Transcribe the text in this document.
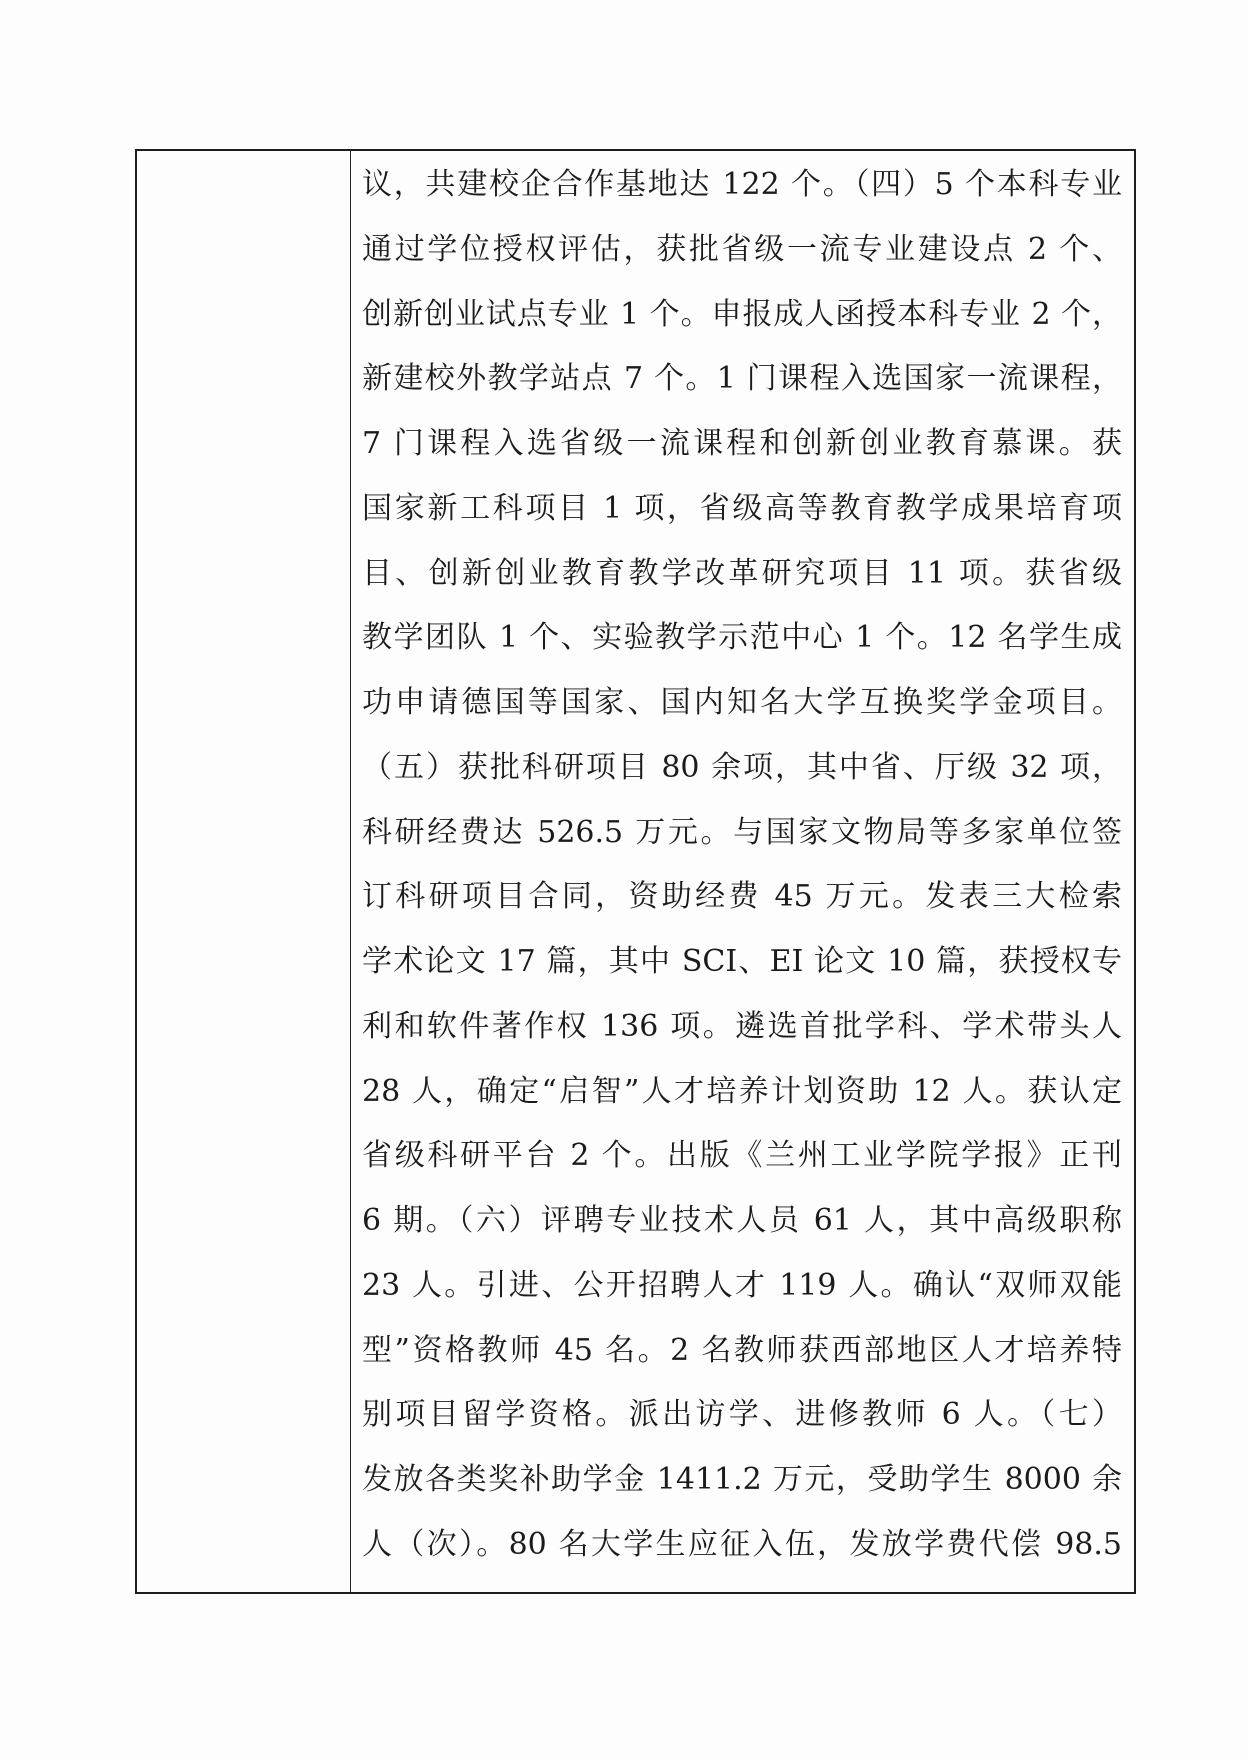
议，共建校企合作基地达 122 个。（四）5 个本科专业
通过学位授权评估，获批省级一流专业建设点 2 个、
创新创业试点专业 1 个。申报成人函授本科专业 2 个，
新建校外教学站点 7 个。1 门课程入选国家一流课程，
7 门课程入选省级一流课程和创新创业教育慕课。获
国家新工科项目 1 项，省级高等教育教学成果培育项
目、创新创业教育教学改革研究项目 11 项。获省级
教学团队 1 个、实验教学示范中心 1 个。12 名学生成
功申请德国等国家、国内知名大学互换奖学金项目。
（五）获批科研项目 80 余项，其中省、厅级 32 项，
科研经费达 526.5 万元。与国家文物局等多家单位签
订科研项目合同，资助经费 45 万元。发表三大检索
学术论文 17 篇，其中 SCI、EI 论文 10 篇，获授权专
利和软件著作权 136 项。遴选首批学科、学术带头人
28 人，确定“启智”人才培养计划资助 12 人。获认定
省级科研平台 2 个。出版《兰州工业学院学报》正刊
6 期。（六）评聘专业技术人员 61 人，其中高级职称
23 人。引进、公开招聘人才 119 人。确认“双师双能
型”资格教师 45 名。2 名教师获西部地区人才培养特
别项目留学资格。派出访学、进修教师 6 人。（七）
发放各类奖补助学金 1411.2 万元，受助学生 8000 余
人（次）。80 名大学生应征入伍，发放学费代偿 98.5
